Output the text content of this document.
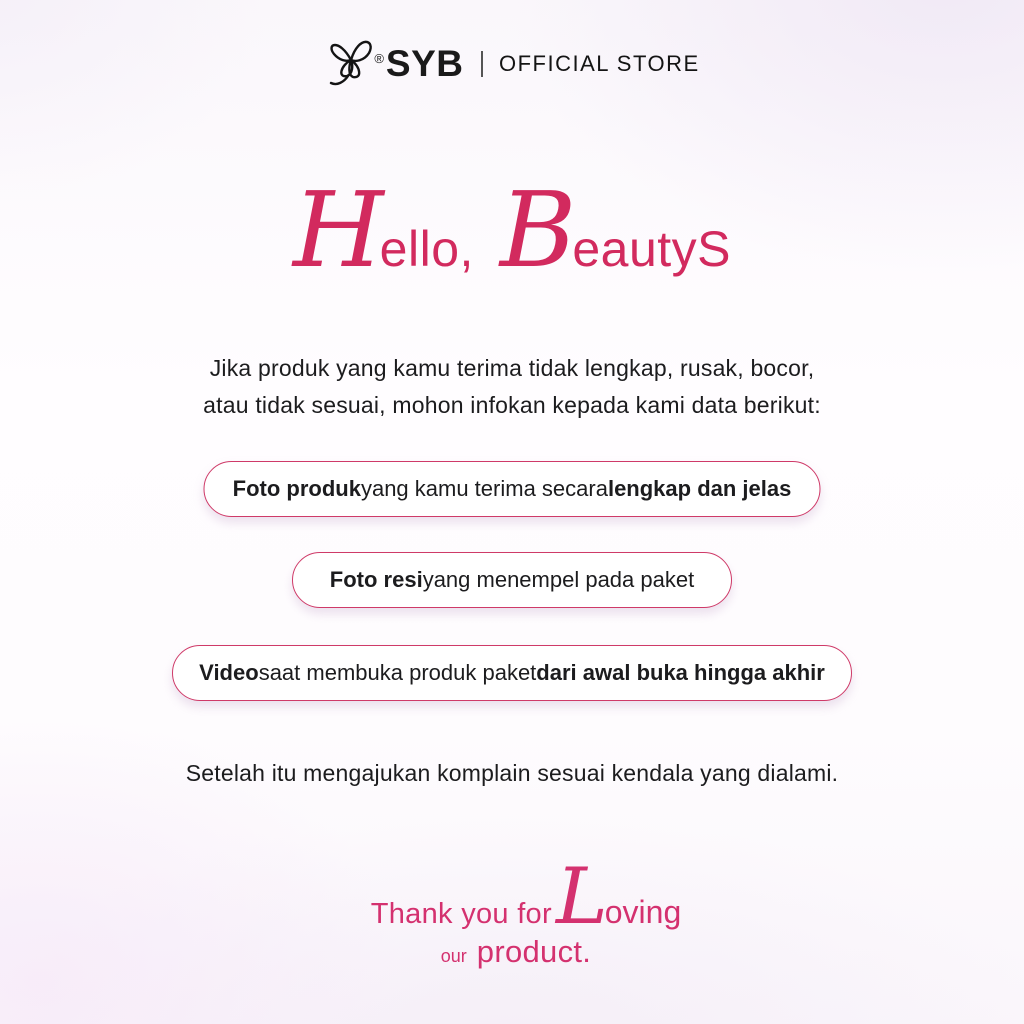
® SYB OFFICIAL STORE
H ello, B eautyS
Jika produk yang kamu terima tidak lengkap, rusak, bocor,
atau tidak sesuai, mohon infokan kepada kami data berikut:
Foto produk yang kamu terima secara lengkap dan jelas
Foto resi yang menempel pada paket
Video saat membuka produk paket dari awal buka hingga akhir
Setelah itu mengajukan komplain sesuai kendala yang dialami.
Thank you for L oving
our product.
